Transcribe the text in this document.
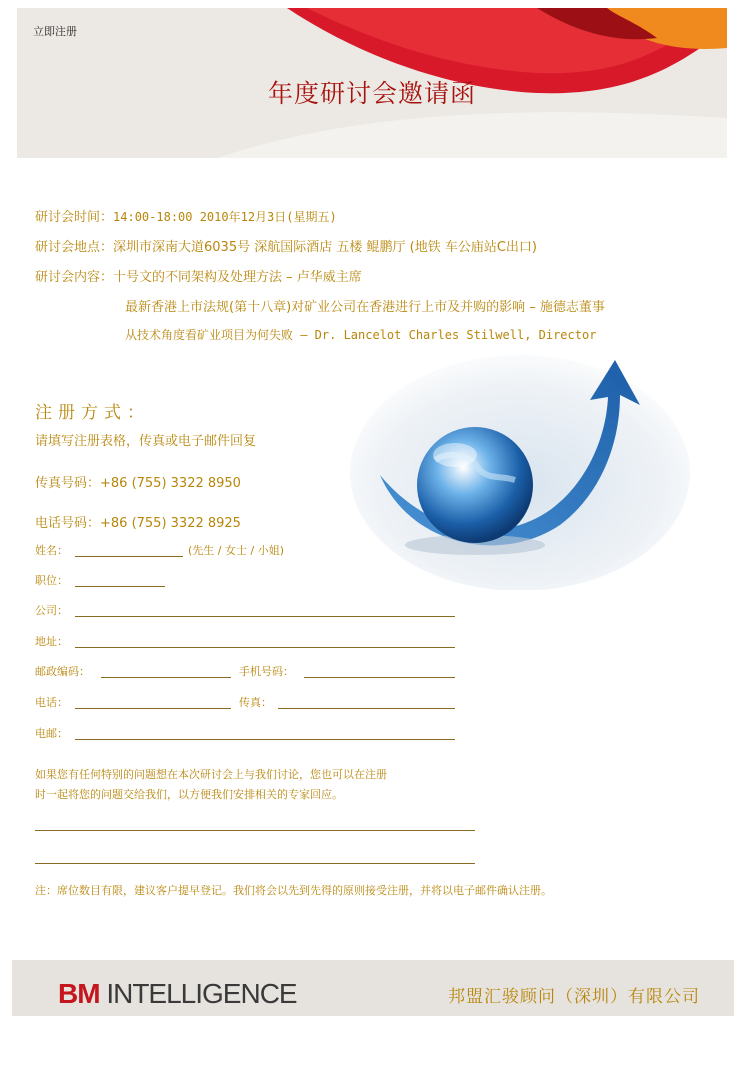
立即注册
年度研讨会邀请函
研讨会时间：14:00-18:00 2010年12月3日(星期五)
研讨会地点：深圳市深南大道6035号 深航国际酒店 五楼 鲲鹏厅 (地铁 车公庙站C出口)
研讨会内容：十号文的不同架构及处理方法 – 卢华威主席
最新香港上市法规(第十八章)对矿业公司在香港进行上市及并购的影响 – 施德志董事
从技术角度看矿业项目为何失败 – Dr. Lancelot Charles Stilwell, Director
注册方式：
请填写注册表格，传真或电子邮件回复
传真号码：+86 (755) 3322 8950
电话号码：+86 (755) 3322 8925
姓名：	(先生 / 女士 / 小姐)
职位：
公司：
地址：
邮政编码：	手机号码：
电话：	传真：
电邮：
如果您有任何特别的问题想在本次研讨会上与我们讨论，您也可以在注册
时一起将您的问题交给我们，以方便我们安排相关的专家回应。
注：席位数目有限，建议客户提早登记。我们将会以先到先得的原则接受注册，并将以电子邮件确认注册。
BM INTELLIGENCE	邦盟汇骏顾问（深圳）有限公司
